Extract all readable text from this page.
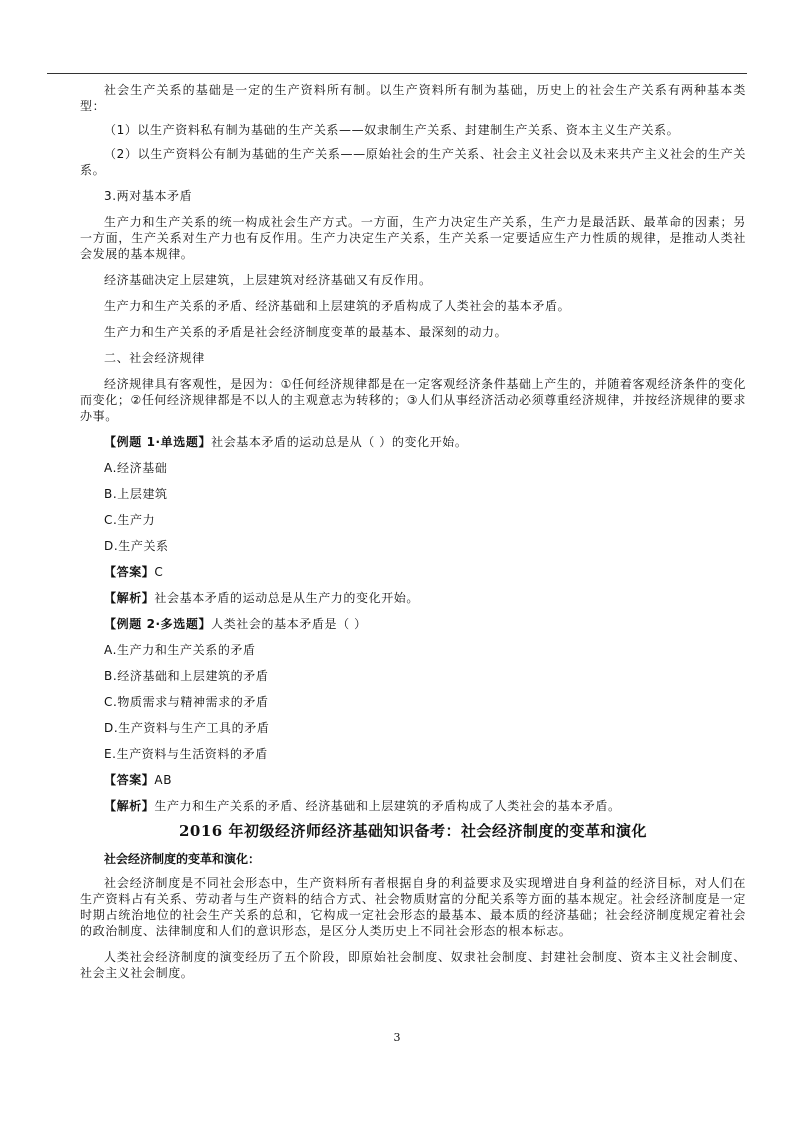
社会生产关系的基础是一定的生产资料所有制。以生产资料所有制为基础，历史上的社会生产关系有两种基本类型：

（1）以生产资料私有制为基础的生产关系——奴隶制生产关系、封建制生产关系、资本主义生产关系。

（2）以生产资料公有制为基础的生产关系——原始社会的生产关系、社会主义社会以及未来共产主义社会的生产关系。

3.两对基本矛盾

生产力和生产关系的统一构成社会生产方式。一方面，生产力决定生产关系，生产力是最活跃、最革命的因素；另一方面，生产关系对生产力也有反作用。生产力决定生产关系，生产关系一定要适应生产力性质的规律，是推动人类社会发展的基本规律。

经济基础决定上层建筑，上层建筑对经济基础又有反作用。

生产力和生产关系的矛盾、经济基础和上层建筑的矛盾构成了人类社会的基本矛盾。

生产力和生产关系的矛盾是社会经济制度变革的最基本、最深刻的动力。

二、社会经济规律

经济规律具有客观性，是因为：①任何经济规律都是在一定客观经济条件基础上产生的，并随着客观经济条件的变化而变化；②任何经济规律都是不以人的主观意志为转移的；③人们从事经济活动必须尊重经济规律，并按经济规律的要求办事。

【例题 1·单选题】社会基本矛盾的运动总是从（ ）的变化开始。

A.经济基础

B.上层建筑

C.生产力

D.生产关系

【答案】C

【解析】社会基本矛盾的运动总是从生产力的变化开始。

【例题 2·多选题】人类社会的基本矛盾是（ ）

A.生产力和生产关系的矛盾

B.经济基础和上层建筑的矛盾

C.物质需求与精神需求的矛盾

D.生产资料与生产工具的矛盾

E.生产资料与生活资料的矛盾

【答案】AB

【解析】生产力和生产关系的矛盾、经济基础和上层建筑的矛盾构成了人类社会的基本矛盾。

2016 年初级经济师经济基础知识备考：社会经济制度的变革和演化

社会经济制度的变革和演化：

社会经济制度是不同社会形态中，生产资料所有者根据自身的利益要求及实现增进自身利益的经济目标，对人们在生产资料占有关系、劳动者与生产资料的结合方式、社会物质财富的分配关系等方面的基本规定。社会经济制度是一定时期占统治地位的社会生产关系的总和，它构成一定社会形态的最基本、最本质的经济基础；社会经济制度规定着社会的政治制度、法律制度和人们的意识形态，是区分人类历史上不同社会形态的根本标志。

人类社会经济制度的演变经历了五个阶段，即原始社会制度、奴隶社会制度、封建社会制度、资本主义社会制度、社会主义社会制度。

3
